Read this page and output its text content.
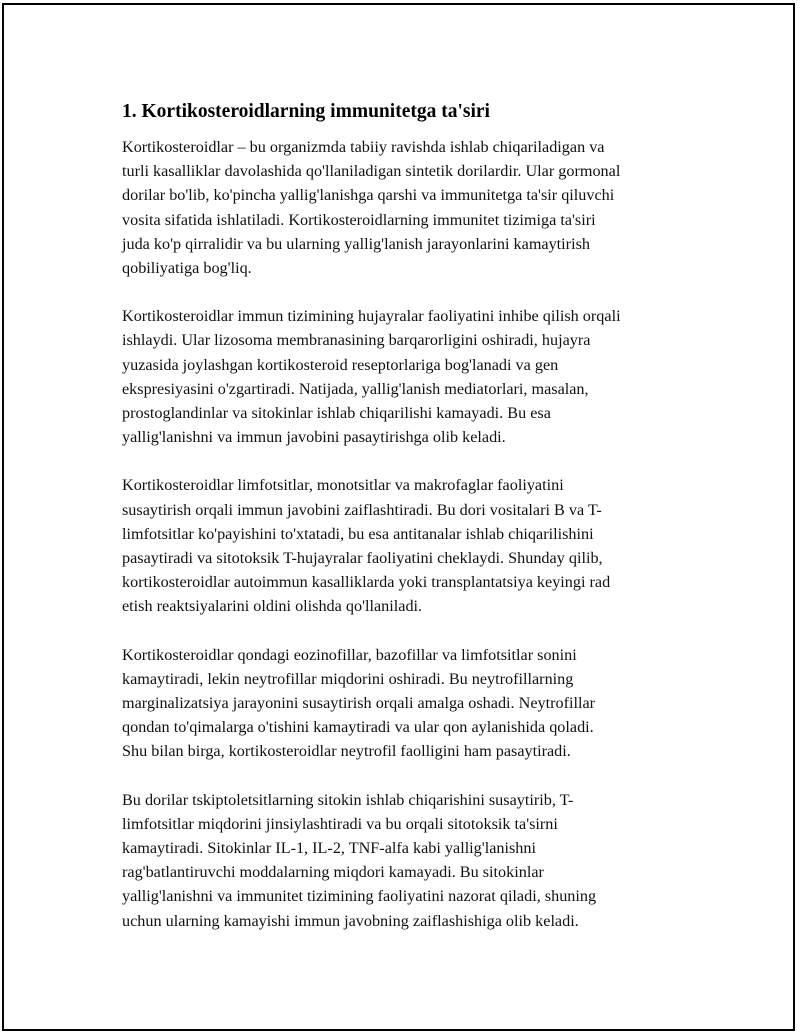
1. Kortikosteroidlarning immunitetga ta'siri

Kortikosteroidlar – bu organizmda tabiiy ravishda ishlab chiqariladigan va
turli kasalliklar davolashida qo'llaniladigan sintetik dorilardir. Ular gormonal
dorilar bo'lib, ko'pincha yallig'lanishga qarshi va immunitetga ta'sir qiluvchi
vosita sifatida ishlatiladi. Kortikosteroidlarning immunitet tizimiga ta'siri
juda ko'p qirralidir va bu ularning yallig'lanish jarayonlarini kamaytirish
qobiliyatiga bog'liq.

Kortikosteroidlar immun tizimining hujayralar faoliyatini inhibe qilish orqali
ishlaydi. Ular lizosoma membranasining barqarorligini oshiradi, hujayra
yuzasida joylashgan kortikosteroid reseptorlariga bog'lanadi va gen
ekspresiyasini o'zgartiradi. Natijada, yallig'lanish mediatorlari, masalan,
prostoglandinlar va sitokinlar ishlab chiqarilishi kamayadi. Bu esa
yallig'lanishni va immun javobini pasaytirishga olib keladi.

Kortikosteroidlar limfotsitlar, monotsitlar va makrofaglar faoliyatini
susaytirish orqali immun javobini zaiflashtiradi. Bu dori vositalari B va T-
limfotsitlar ko'payishini to'xtatadi, bu esa antitanalar ishlab chiqarilishini
pasaytiradi va sitotoksik T-hujayralar faoliyatini cheklaydi. Shunday qilib,
kortikosteroidlar autoimmun kasalliklarda yoki transplantatsiya keyingi rad
etish reaktsiyalarini oldini olishda qo'llaniladi.

Kortikosteroidlar qondagi eozinofillar, bazofillar va limfotsitlar sonini
kamaytiradi, lekin neytrofillar miqdorini oshiradi. Bu neytrofillarning
marginalizatsiya jarayonini susaytirish orqali amalga oshadi. Neytrofillar
qondan to'qimalarga o'tishini kamaytiradi va ular qon aylanishida qoladi.
Shu bilan birga, kortikosteroidlar neytrofil faolligini ham pasaytiradi.

Bu dorilar tskiptoletsitlarning sitokin ishlab chiqarishini susaytirib, T-
limfotsitlar miqdorini jinsiylashtiradi va bu orqali sitotoksik ta'sirni
kamaytiradi. Sitokinlar IL-1, IL-2, TNF-alfa kabi yallig'lanishni
rag'batlantiruvchi moddalarning miqdori kamayadi. Bu sitokinlar
yallig'lanishni va immunitet tizimining faoliyatini nazorat qiladi, shuning
uchun ularning kamayishi immun javobning zaiflashishiga olib keladi.
